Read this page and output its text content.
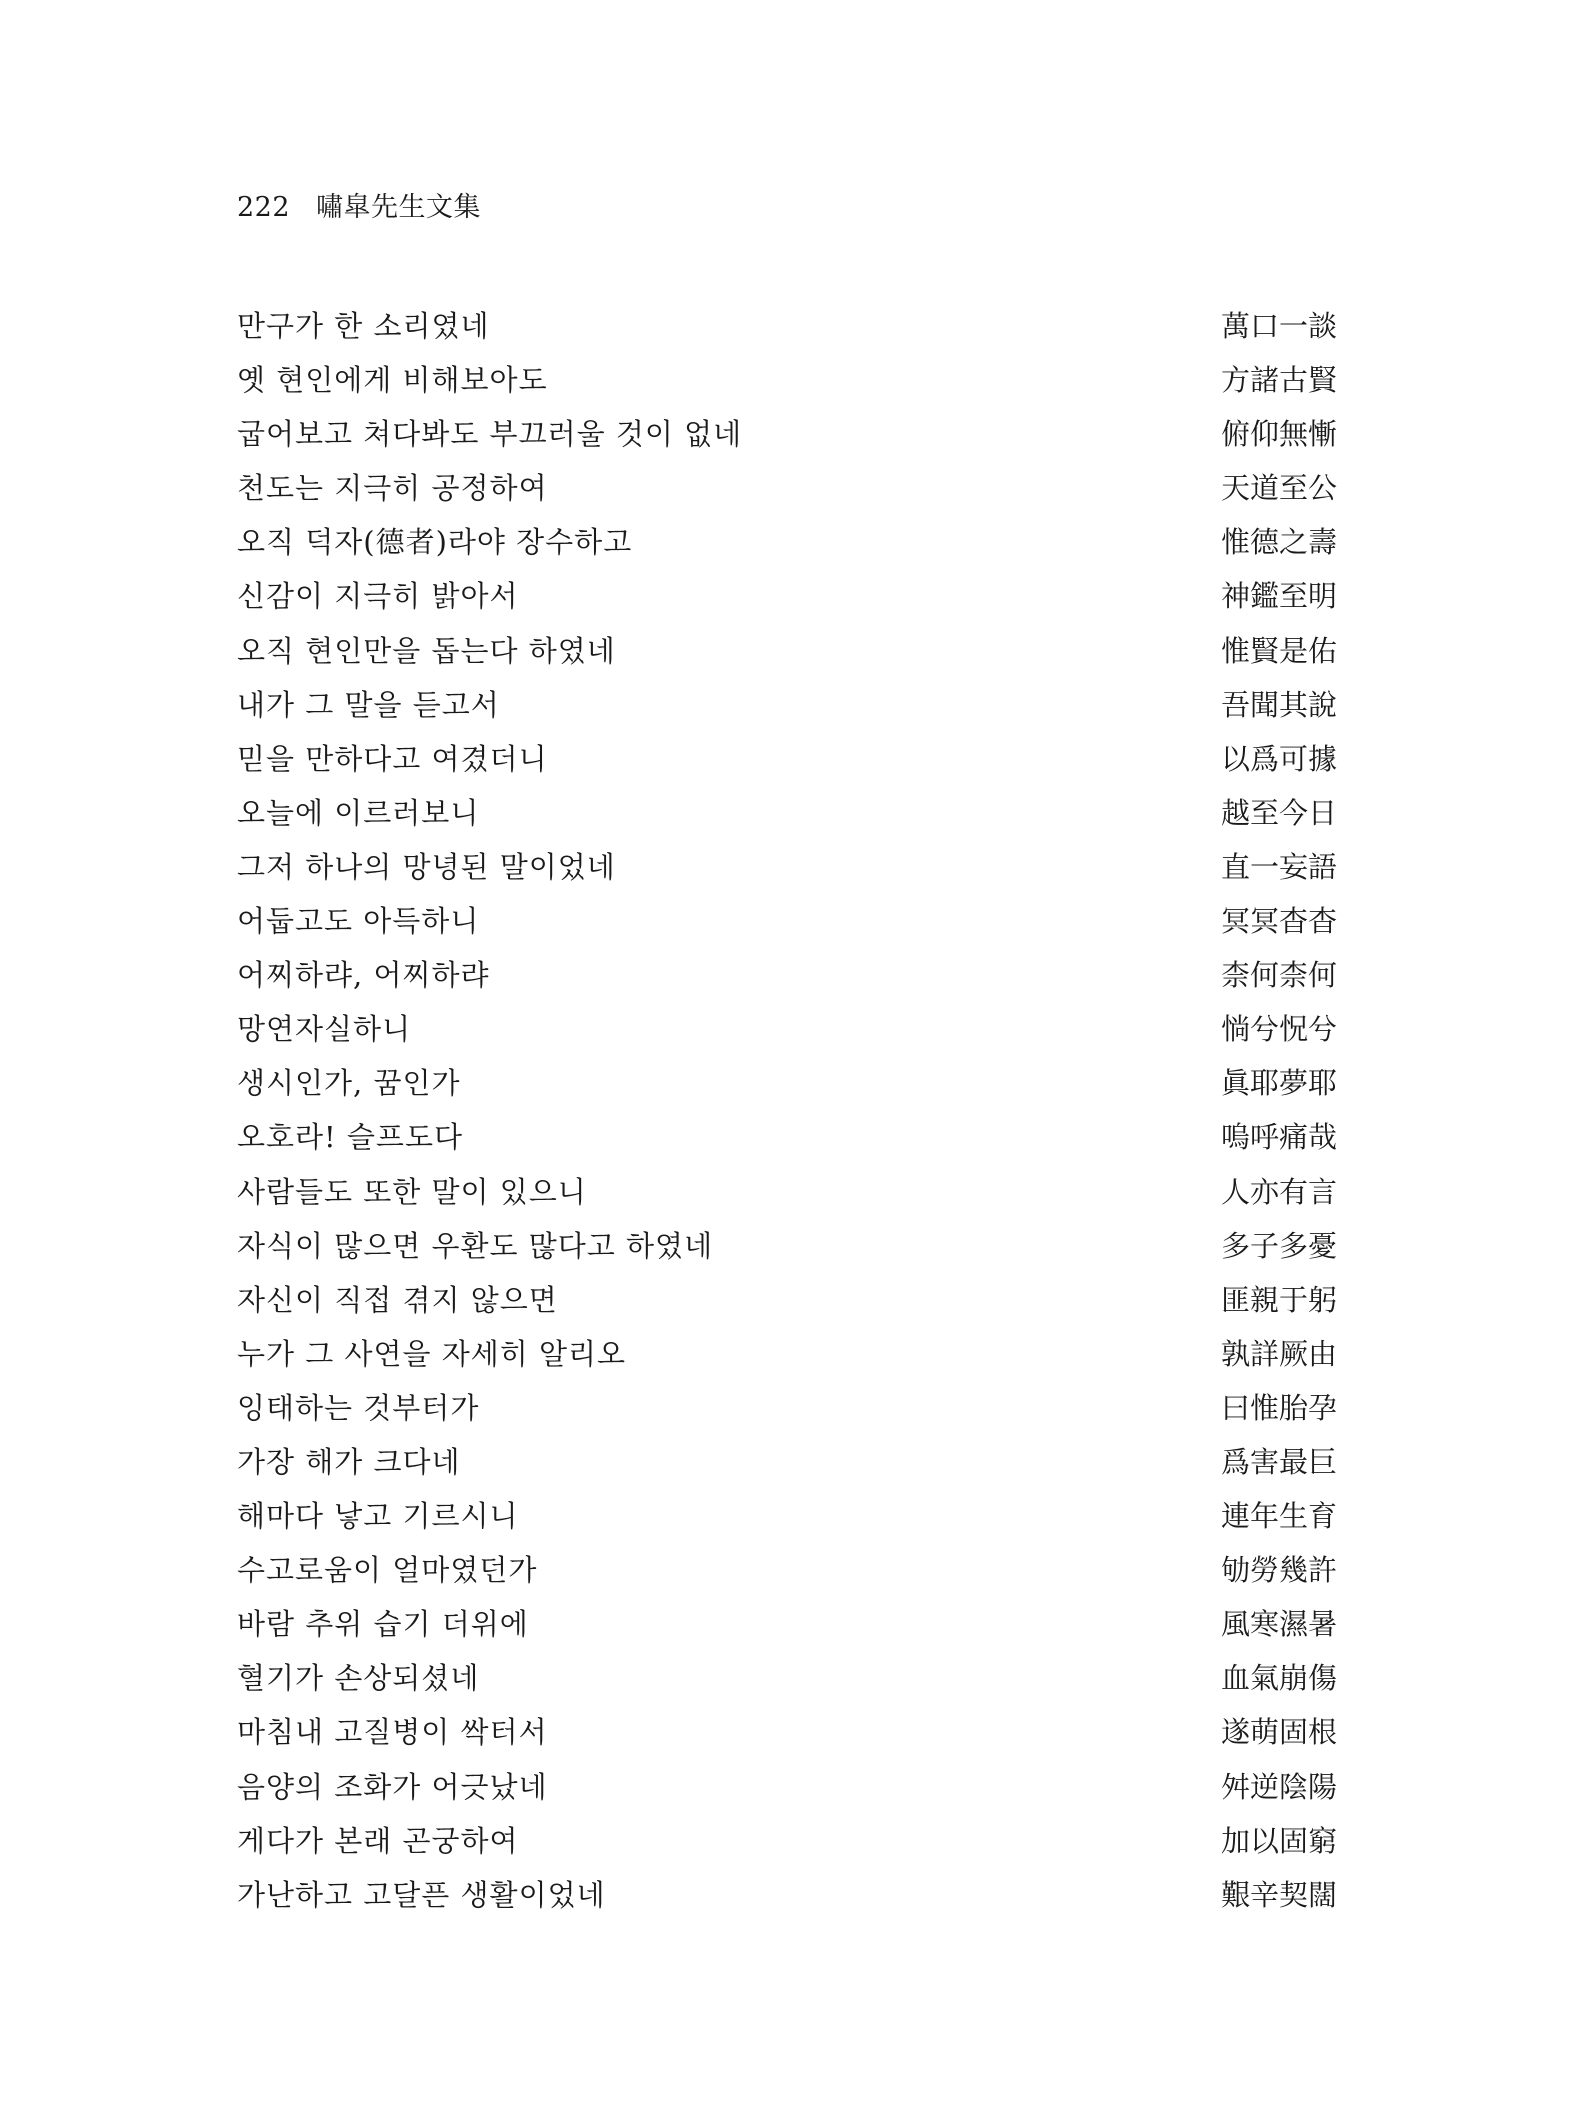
222 嘯皐先生文集
만구가 한 소리였네	萬口一談
옛 현인에게 비해보아도	方諸古賢
굽어보고 쳐다봐도 부끄러울 것이 없네	俯仰無慚
천도는 지극히 공정하여	天道至公
오직 덕자(德者)라야 장수하고	惟德之壽
신감이 지극히 밝아서	神鑑至明
오직 현인만을 돕는다 하였네	惟賢是佑
내가 그 말을 듣고서	吾聞其說
믿을 만하다고 여겼더니	以爲可據
오늘에 이르러보니	越至今日
그저 하나의 망녕된 말이었네	直一妄語
어둡고도 아득하니	冥冥杳杳
어찌하랴, 어찌하랴	柰何柰何
망연자실하니	惝兮怳兮
생시인가, 꿈인가	眞耶夢耶
오호라! 슬프도다	嗚呼痛哉
사람들도 또한 말이 있으니	人亦有言
자식이 많으면 우환도 많다고 하였네	多子多憂
자신이 직접 겪지 않으면	匪親于躬
누가 그 사연을 자세히 알리오	孰詳厥由
잉태하는 것부터가	曰惟胎孕
가장 해가 크다네	爲害最巨
해마다 낳고 기르시니	連年生育
수고로움이 얼마였던가	劬勞幾許
바람 추위 습기 더위에	風寒濕暑
혈기가 손상되셨네	血氣崩傷
마침내 고질병이 싹터서	遂萌固根
음양의 조화가 어긋났네	舛逆陰陽
게다가 본래 곤궁하여	加以固窮
가난하고 고달픈 생활이었네	艱辛契闊
